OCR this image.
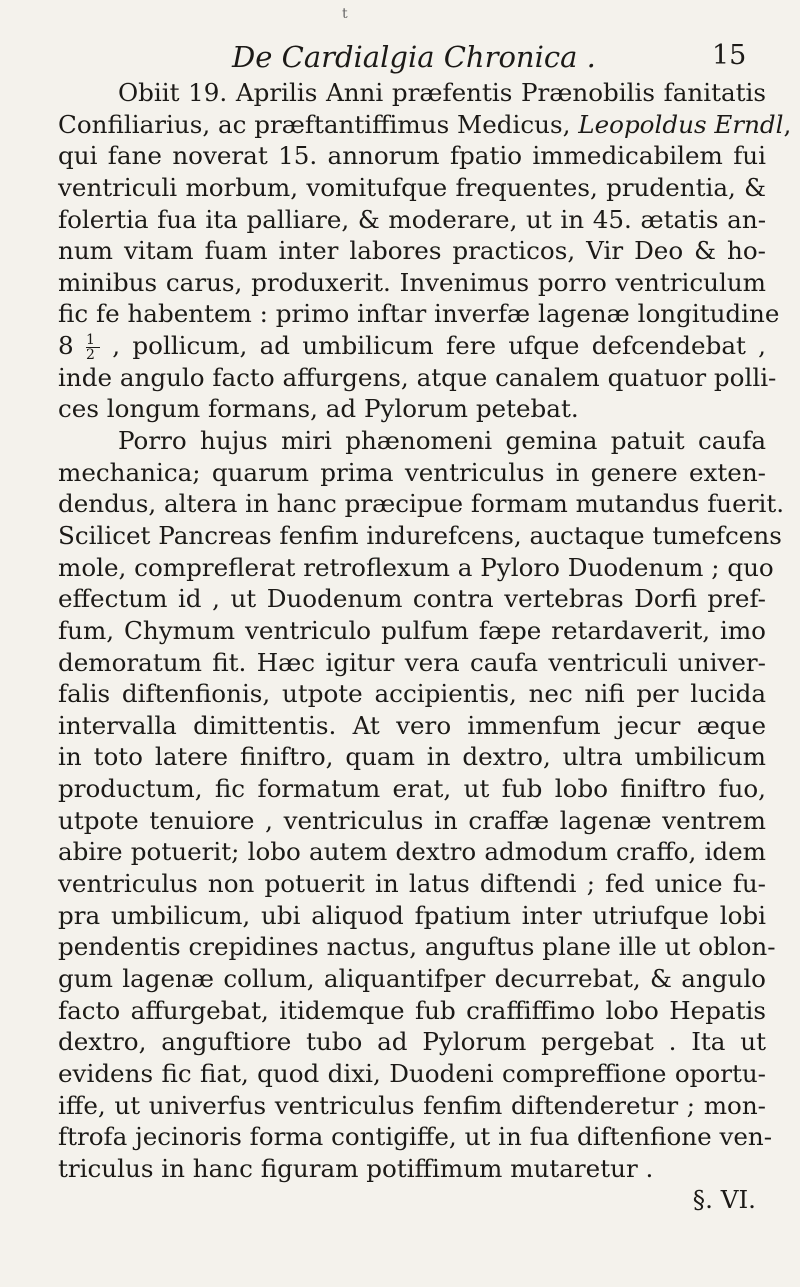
t
De Cardialgia Chronica .	15
Obiit 19. Aprilis Anni præfentis Prænobilis fanitatis
Confiliarius, ac præftantiffimus Medicus, Leopoldus Erndl,
qui fane noverat 15. annorum fpatio immedicabilem fui
ventriculi morbum, vomitufque frequentes, prudentia, &
folertia fua ita palliare, & moderare, ut in 45. ætatis an-
num vitam fuam inter labores practicos, Vir Deo & ho-
minibus carus, produxerit. Invenimus porro ventriculum
fic fe habentem : primo inftar inverfæ lagenæ longitudine
$8 \frac{1}{2}$ , pollicum, ad umbilicum fere ufque defcendebat ,
inde angulo facto affurgens, atque canalem quatuor polli-
ces longum formans, ad Pylorum petebat.
Porro hujus miri phænomeni gemina patuit caufa
mechanica; quarum prima ventriculus in genere exten-
dendus, altera in hanc præcipue formam mutandus fuerit.
Scilicet Pancreas fenfim indurefcens, auctaque tumefcens
mole, compreflerat retroflexum a Pyloro Duodenum ; quo
effectum id , ut Duodenum contra vertebras Dorfi pref-
fum, Chymum ventriculo pulfum fæpe retardaverit, imo
demoratum fit. Hæc igitur vera caufa ventriculi univer-
falis diftenfionis, utpote accipientis, nec nifi per lucida
intervalla dimittentis. At vero immenfum jecur æque
in toto latere finiftro, quam in dextro, ultra umbilicum
productum, fic formatum erat, ut fub lobo finiftro fuo,
utpote tenuiore , ventriculus in craffæ lagenæ ventrem
abire potuerit; lobo autem dextro admodum craffo, idem
ventriculus non potuerit in latus diftendi ; fed unice fu-
pra umbilicum, ubi aliquod fpatium inter utriufque lobi
pendentis crepidines nactus, anguftus plane ille ut oblon-
gum lagenæ collum, aliquantifper decurrebat, & angulo
facto affurgebat, itidemque fub craffiffimo lobo Hepatis
dextro, anguftiore tubo ad Pylorum pergebat . Ita ut
evidens fic fiat, quod dixi, Duodeni compreffione oportu-
iffe, ut univerfus ventriculus fenfim diftenderetur ; mon-
ftrofa jecinoris forma contigiffe, ut in fua diftenfione ven-
triculus in hanc figuram potiffimum mutaretur .
§. VI.
